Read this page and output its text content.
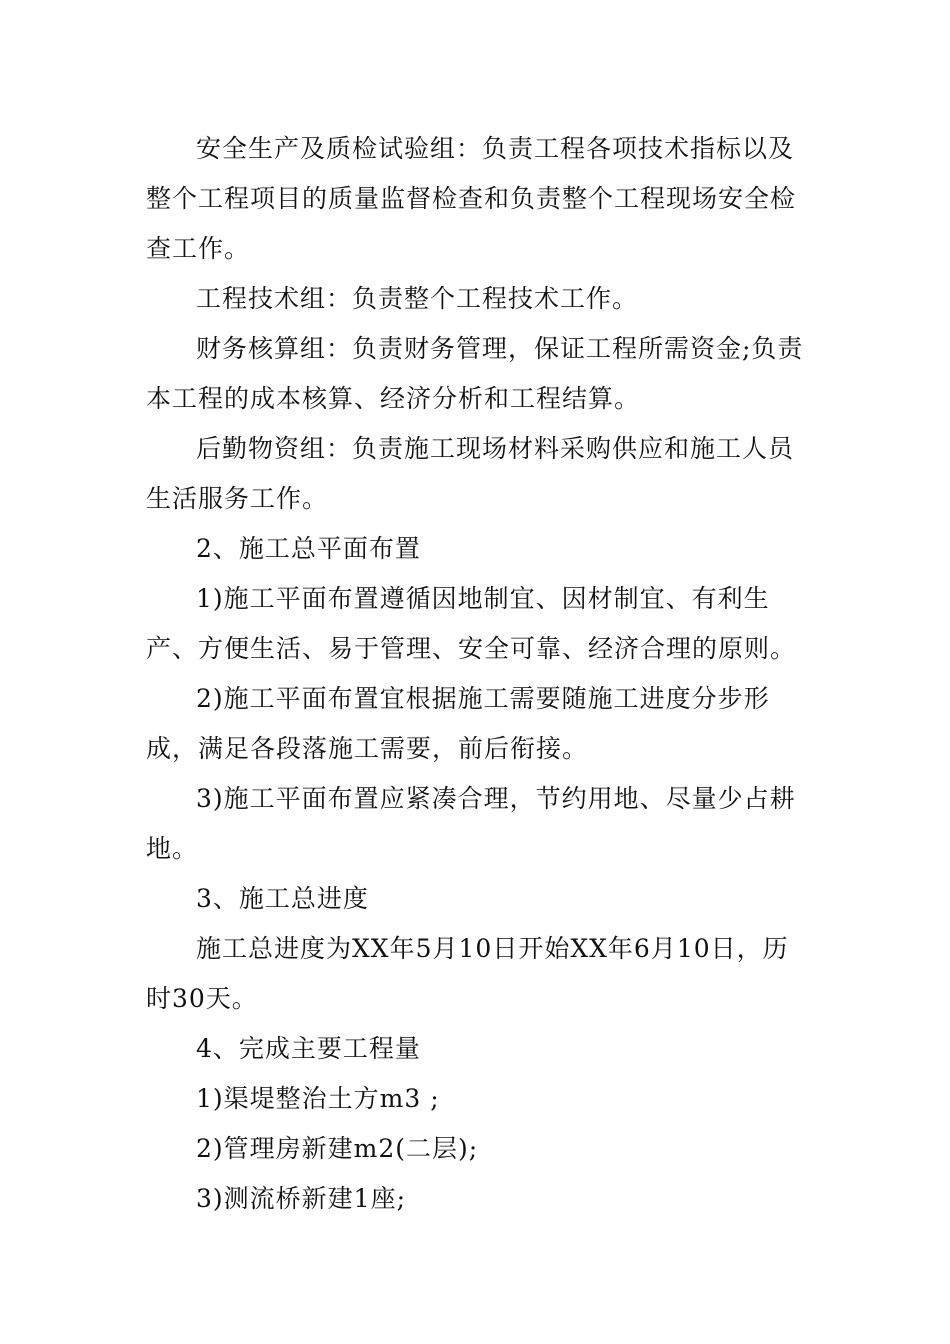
安全生产及质检试验组：负责工程各项技术指标以及整个工程项目的质量监督检查和负责整个工程现场安全检查工作。

工程技术组：负责整个工程技术工作。

财务核算组：负责财务管理，保证工程所需资金;负责本工程的成本核算、经济分析和工程结算。

后勤物资组：负责施工现场材料采购供应和施工人员生活服务工作。

2、施工总平面布置

1)施工平面布置遵循因地制宜、因材制宜、有利生产、方便生活、易于管理、安全可靠、经济合理的原则。

2)施工平面布置宜根据施工需要随施工进度分步形成，满足各段落施工需要，前后衔接。

3)施工平面布置应紧凑合理，节约用地、尽量少占耕地。

3、施工总进度

施工总进度为XX年5月10日开始XX年6月10日，历时30天。

4、完成主要工程量

1)渠堤整治土方m3 ;

2)管理房新建m2(二层);

3)测流桥新建1座;
